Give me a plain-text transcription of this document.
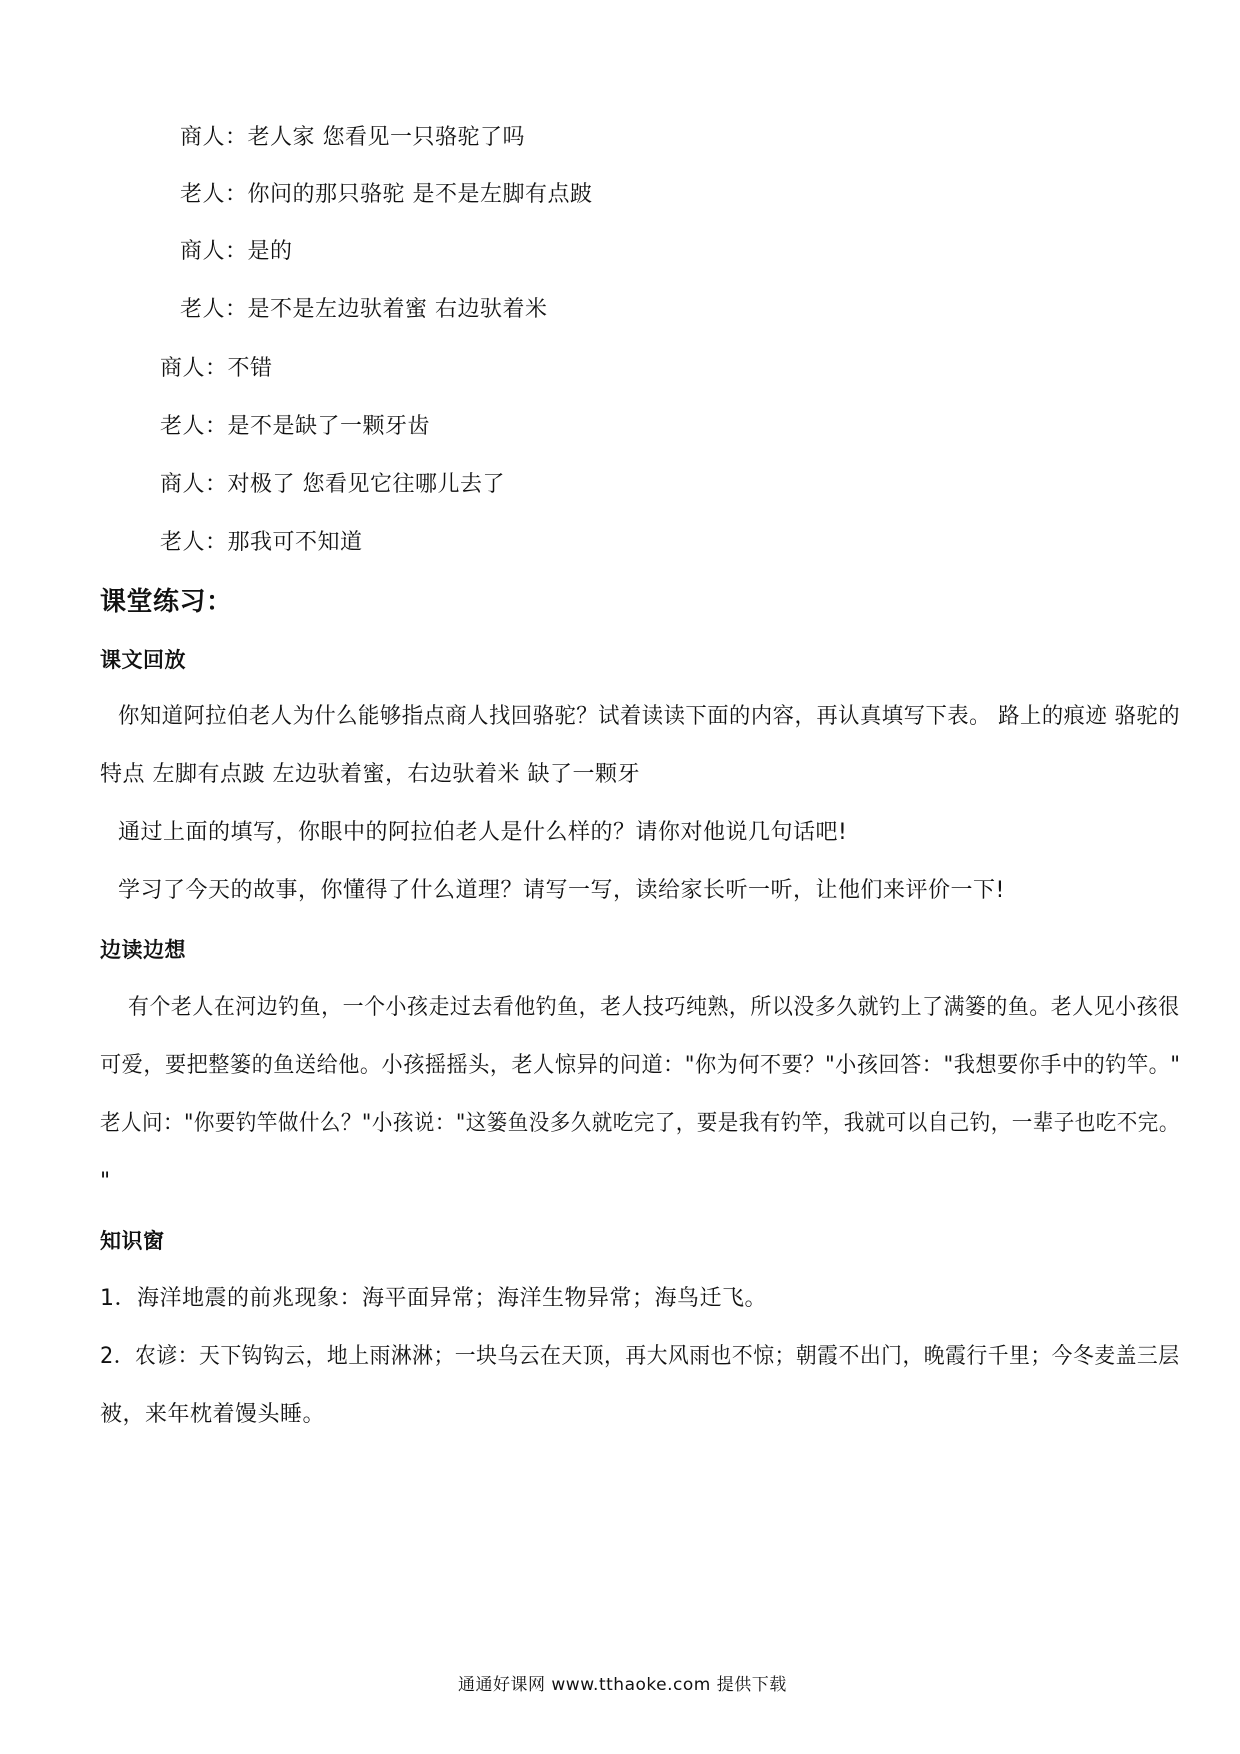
商人：老人家 您看见一只骆驼了吗
老人：你问的那只骆驼 是不是左脚有点跛
商人：是的
老人：是不是左边驮着蜜 右边驮着米
商人：不错
老人：是不是缺了一颗牙齿
商人：对极了 您看见它往哪儿去了
老人：那我可不知道
课堂练习：
课文回放
你知道阿拉伯老人为什么能够指点商人找回骆驼？试着读读下面的内容，再认真填写下表。 路上的痕迹 骆驼的
特点 左脚有点跛 左边驮着蜜，右边驮着米 缺了一颗牙
通过上面的填写，你眼中的阿拉伯老人是什么样的？请你对他说几句话吧!
学习了今天的故事，你懂得了什么道理？请写一写，读给家长听一听，让他们来评价一下!
边读边想
有个老人在河边钓鱼，一个小孩走过去看他钓鱼，老人技巧纯熟，所以没多久就钓上了满篓的鱼。老人见小孩很
可爱，要把整篓的鱼送给他。小孩摇摇头，老人惊异的问道："你为何不要？"小孩回答："我想要你手中的钓竿。"
老人问："你要钓竿做什么？"小孩说："这篓鱼没多久就吃完了，要是我有钓竿，我就可以自己钓，一辈子也吃不完。
"
知识窗
1．海洋地震的前兆现象：海平面异常；海洋生物异常；海鸟迁飞。
2．农谚：天下钩钩云，地上雨淋淋；一块乌云在天顶，再大风雨也不惊；朝霞不出门，晚霞行千里；今冬麦盖三层
被，来年枕着馒头睡。
通通好课网 www.tthaoke.com 提供下载
